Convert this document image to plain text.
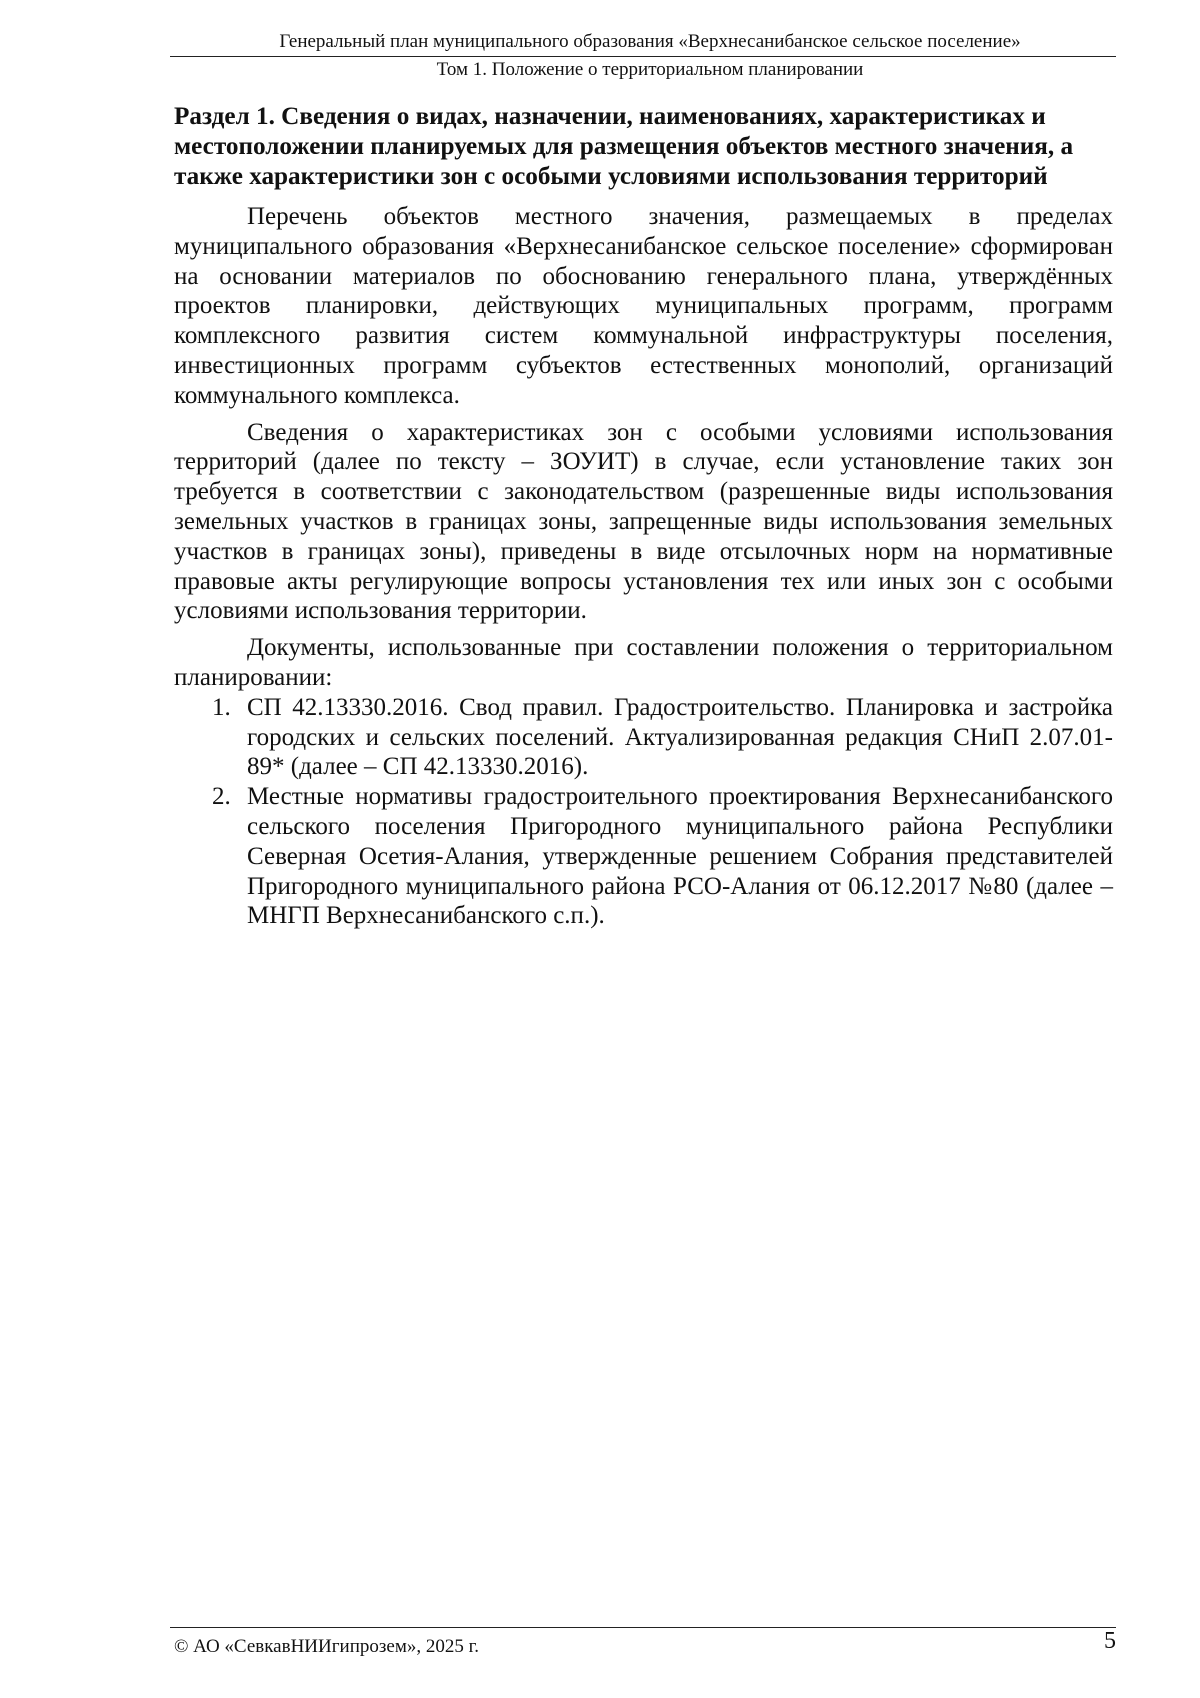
Генеральный план муниципального образования «Верхнесанибанское сельское поселение»
Том 1. Положение о территориальном планировании
Раздел 1. Сведения о видах, назначении, наименованиях, характеристиках и местоположении планируемых для размещения объектов местного значения, а также характеристики зон с особыми условиями использования территорий

Перечень объектов местного значения, размещаемых в пределах муниципального образования «Верхнесанибанское сельское поселение» сформирован на основании материалов по обоснованию генерального плана, утверждённых проектов планировки, действующих муниципальных программ, программ комплексного развития систем коммунальной инфраструктуры поселения, инвестиционных программ субъектов естественных монополий, организаций коммунального комплекса.

Сведения о характеристиках зон с особыми условиями использования территорий (далее по тексту – ЗОУИТ) в случае, если установление таких зон требуется в соответствии с законодательством (разрешенные виды использования земельных участков в границах зоны, запрещенные виды использования земельных участков в границах зоны), приведены в виде отсылочных норм на нормативные правовые акты регулирующие вопросы установления тех или иных зон с особыми условиями использования территории.

Документы, использованные при составлении положения о территориальном планировании:

1. СП 42.13330.2016. Свод правил. Градостроительство. Планировка и застройка городских и сельских поселений. Актуализированная редакция СНиП 2.07.01-89* (далее – СП 42.13330.2016).
2. Местные нормативы градостроительного проектирования Верхнесанибанского сельского поселения Пригородного муниципального района Республики Северная Осетия-Алания, утвержденные решением Собрания представителей Пригородного муниципального района РСО-Алания от 06.12.2017 №80 (далее – МНГП Верхнесанибанского с.п.).
© АО «СевкавНИИгипрозем», 2025 г.	5
